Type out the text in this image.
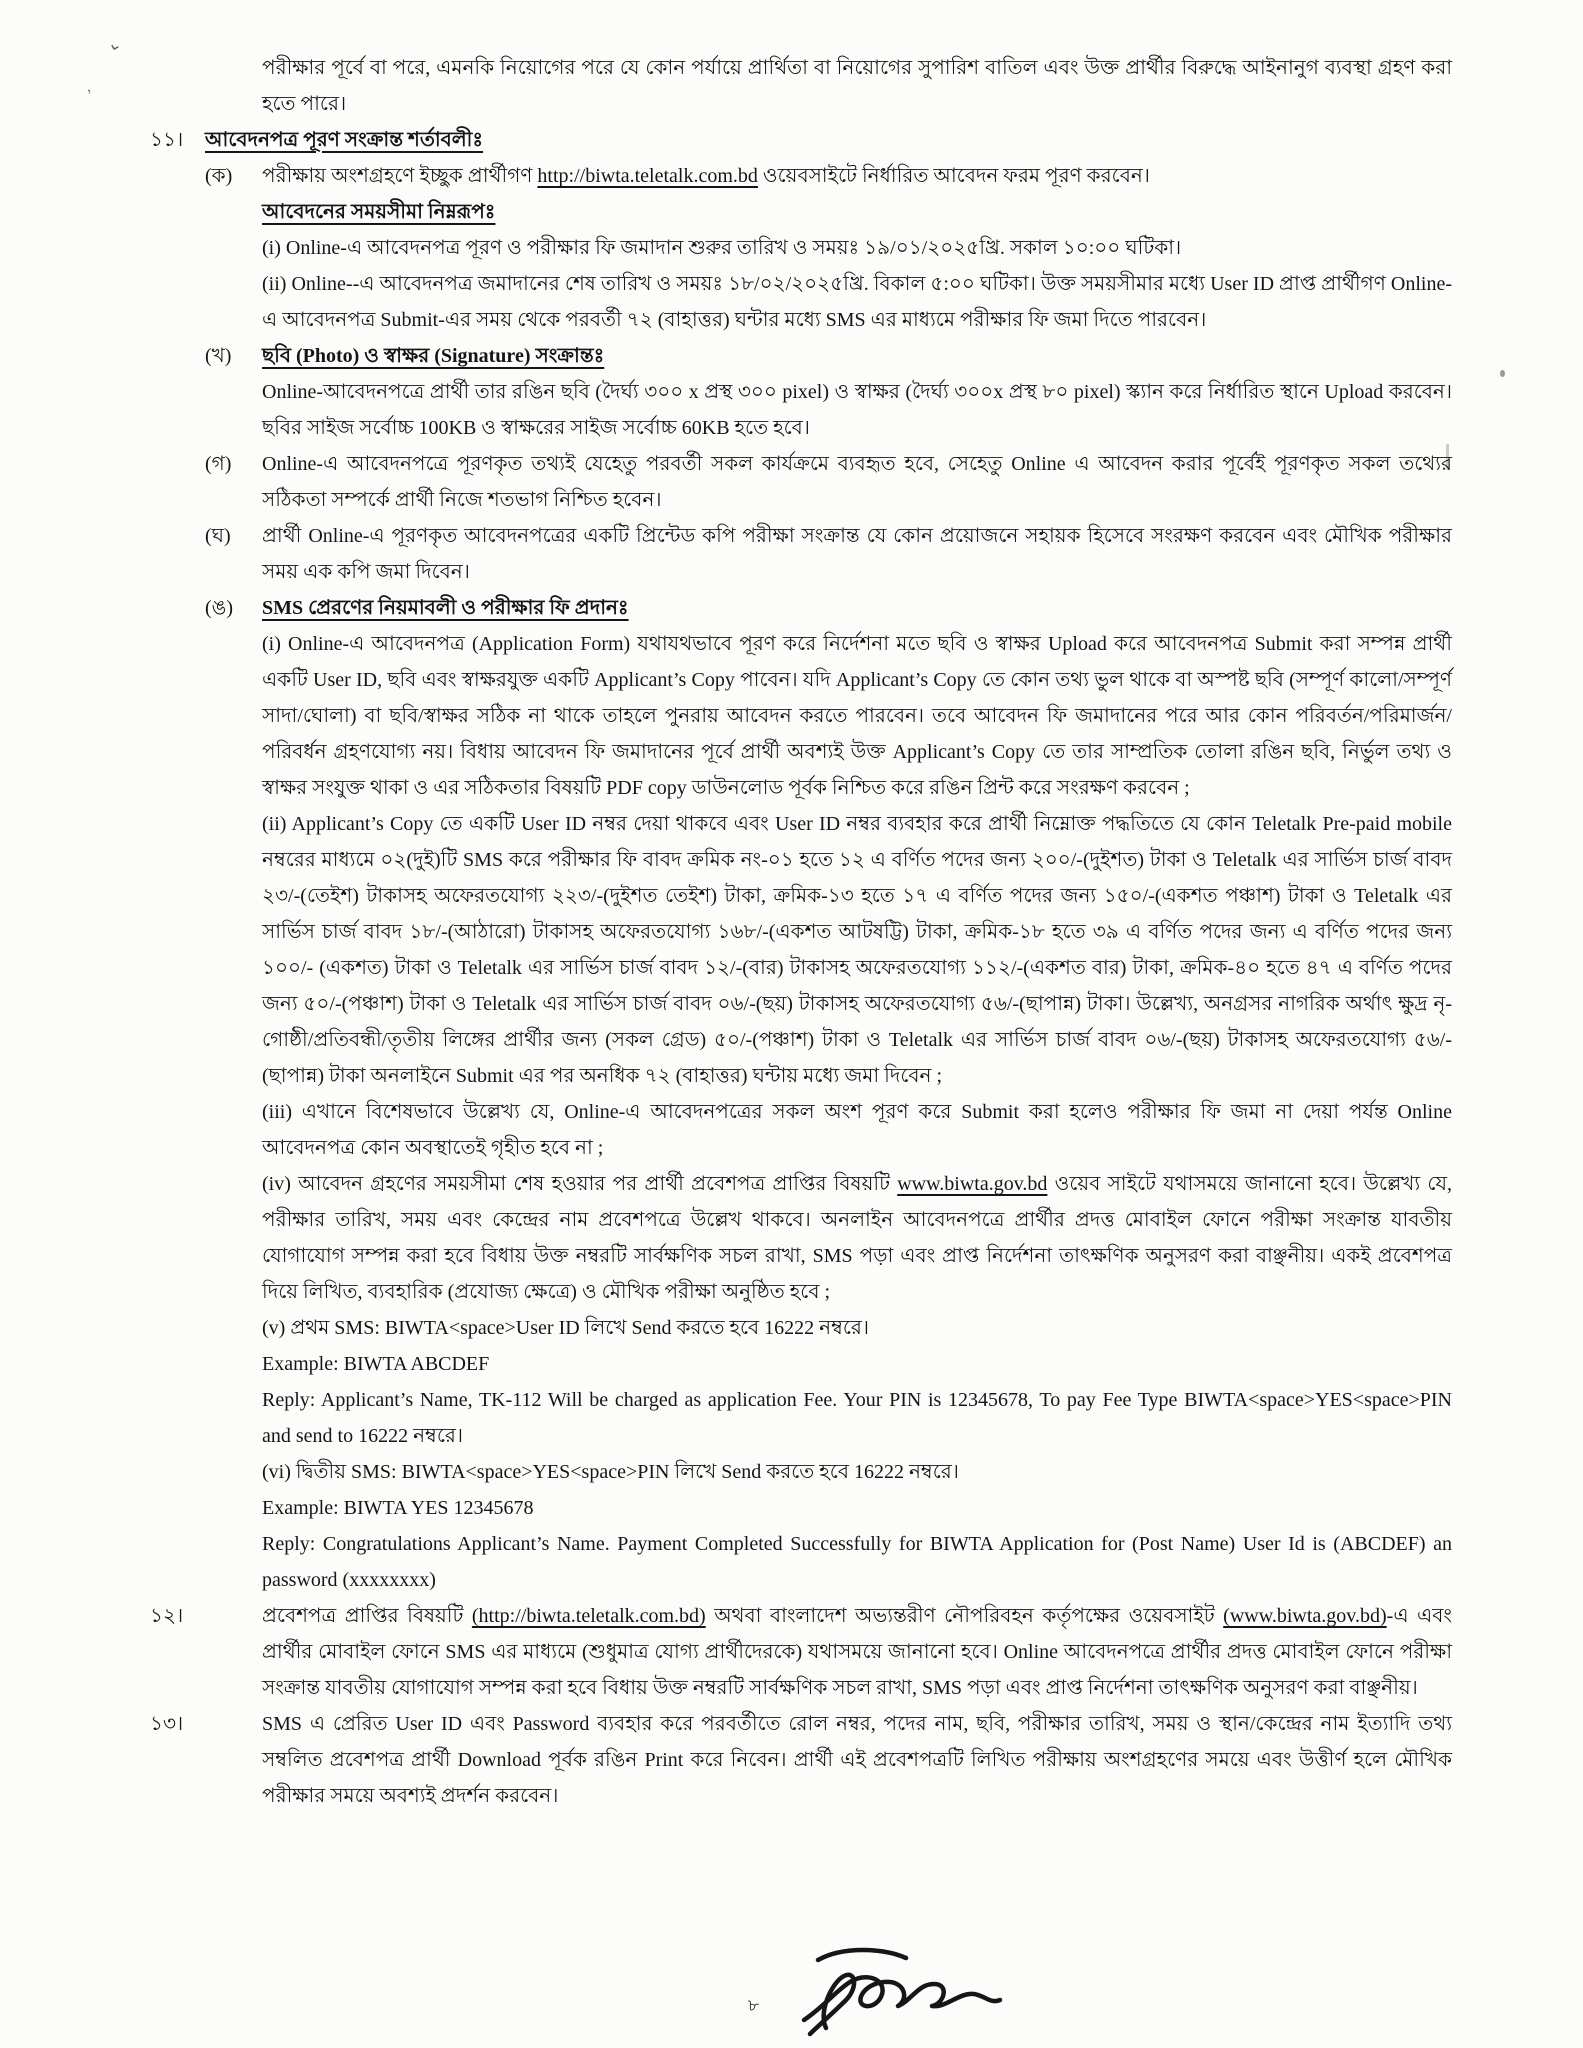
⌄
’

পরীক্ষার পূর্বে বা পরে, এমনকি নিয়োগের পরে যে কোন পর্যায়ে প্রার্থিতা বা নিয়োগের সুপারিশ বাতিল এবং উক্ত প্রার্থীর বিরুদ্ধে আইনানুগ ব্যবস্থা গ্রহণ করা হতে পারে।

১১।	আবেদনপত্র পূরণ সংক্রান্ত শর্তাবলীঃ

(ক) পরীক্ষায় অংশগ্রহণে ইচ্ছুক প্রার্থীগণ http://biwta.teletalk.com.bd ওয়েবসাইটে নির্ধারিত আবেদন ফরম পূরণ করবেন।

আবেদনের সময়সীমা নিম্নরূপঃ

(i) Online-এ আবেদনপত্র পূরণ ও পরীক্ষার ফি জমাদান শুরুর তারিখ ও সময়ঃ ১৯/০১/২০২৫খ্রি. সকাল ১০:০০ ঘটিকা।

(ii) Online--এ আবেদনপত্র জমাদানের শেষ তারিখ ও সময়ঃ ১৮/০২/২০২৫খ্রি. বিকাল ৫:০০ ঘটিকা। উক্ত সময়সীমার মধ্যে User ID প্রাপ্ত প্রার্থীগণ Online-এ আবেদনপত্র Submit-এর সময় থেকে পরবর্তী ৭২ (বাহাত্তর) ঘন্টার মধ্যে SMS এর মাধ্যমে পরীক্ষার ফি জমা দিতে পারবেন।

(খ) ছবি (Photo) ও স্বাক্ষর (Signature) সংক্রান্তঃ

Online-আবেদনপত্রে প্রার্থী তার রঙিন ছবি (দৈর্ঘ্য ৩০০ x প্রস্থ ৩০০ pixel) ও স্বাক্ষর (দৈর্ঘ্য ৩০০x প্রস্থ ৮০ pixel) স্ক্যান করে নির্ধারিত স্থানে Upload করবেন। ছবির সাইজ সর্বোচ্চ 100KB ও স্বাক্ষরের সাইজ সর্বোচ্চ 60KB হতে হবে।

(গ) Online-এ আবেদনপত্রে পূরণকৃত তথ্যই যেহেতু পরবর্তী সকল কার্যক্রমে ব্যবহৃত হবে, সেহেতু Online এ আবেদন করার পূর্বেই পূরণকৃত সকল তথ্যের সঠিকতা সম্পর্কে প্রার্থী নিজে শতভাগ নিশ্চিত হবেন।

(ঘ) প্রার্থী Online-এ পূরণকৃত আবেদনপত্রের একটি প্রিন্টেড কপি পরীক্ষা সংক্রান্ত যে কোন প্রয়োজনে সহায়ক হিসেবে সংরক্ষণ করবেন এবং মৌখিক পরীক্ষার সময় এক কপি জমা দিবেন।

(ঙ) SMS প্রেরণের নিয়মাবলী ও পরীক্ষার ফি প্রদানঃ

(i) Online-এ আবেদনপত্র (Application Form) যথাযথভাবে পূরণ করে নির্দেশনা মতে ছবি ও স্বাক্ষর Upload করে আবেদনপত্র Submit করা সম্পন্ন প্রার্থী একটি User ID, ছবি এবং স্বাক্ষরযুক্ত একটি Applicant’s Copy পাবেন। যদি Applicant’s Copy তে কোন তথ্য ভুল থাকে বা অস্পষ্ট ছবি (সম্পূর্ণ কালো/সম্পূর্ণ সাদা/ঘোলা) বা ছবি/স্বাক্ষর সঠিক না থাকে তাহলে পুনরায় আবেদন করতে পারবেন। তবে আবেদন ফি জমাদানের পরে আর কোন পরিবর্তন/পরিমার্জন/পরিবর্ধন গ্রহণযোগ্য নয়। বিধায় আবেদন ফি জমাদানের পূর্বে প্রার্থী অবশ্যই উক্ত Applicant’s Copy তে তার সাম্প্রতিক তোলা রঙিন ছবি, নির্ভুল তথ্য ও স্বাক্ষর সংযুক্ত থাকা ও এর সঠিকতার বিষয়টি PDF copy ডাউনলোড পূর্বক নিশ্চিত করে রঙিন প্রিন্ট করে সংরক্ষণ করবেন ;

(ii) Applicant’s Copy তে একটি User ID নম্বর দেয়া থাকবে এবং User ID নম্বর ব্যবহার করে প্রার্থী নিম্নোক্ত পদ্ধতিতে যে কোন Teletalk Pre-paid mobile নম্বরের মাধ্যমে ০২(দুই)টি SMS করে পরীক্ষার ফি বাবদ ক্রমিক নং-০১ হতে ১২ এ বর্ণিত পদের জন্য ২০০/-(দুইশত) টাকা ও Teletalk এর সার্ভিস চার্জ বাবদ ২৩/-(তেইশ) টাকাসহ অফেরতযোগ্য ২২৩/-(দুইশত তেইশ) টাকা, ক্রমিক-১৩ হতে ১৭ এ বর্ণিত পদের জন্য ১৫০/-(একশত পঞ্চাশ) টাকা ও Teletalk এর সার্ভিস চার্জ বাবদ ১৮/-(আঠারো) টাকাসহ অফেরতযোগ্য ১৬৮/-(একশত আটষট্টি) টাকা, ক্রমিক-১৮ হতে ৩৯ এ বর্ণিত পদের জন্য এ বর্ণিত পদের জন্য ১০০/- (একশত) টাকা ও Teletalk এর সার্ভিস চার্জ বাবদ ১২/-(বার) টাকাসহ অফেরতযোগ্য ১১২/-(একশত বার) টাকা, ক্রমিক-৪০ হতে ৪৭ এ বর্ণিত পদের জন্য ৫০/-(পঞ্চাশ) টাকা ও Teletalk এর সার্ভিস চার্জ বাবদ ০৬/-(ছয়) টাকাসহ অফেরতযোগ্য ৫৬/-(ছাপান্ন) টাকা। উল্লেখ্য, অনগ্রসর নাগরিক অর্থাৎ ক্ষুদ্র নৃ-গোষ্ঠী/প্রতিবন্ধী/তৃতীয় লিঙ্গের প্রার্থীর জন্য (সকল গ্রেড) ৫০/-(পঞ্চাশ) টাকা ও Teletalk এর সার্ভিস চার্জ বাবদ ০৬/-(ছয়) টাকাসহ অফেরতযোগ্য ৫৬/-(ছাপান্ন) টাকা অনলাইনে Submit এর পর অনধিক ৭২ (বাহাত্তর) ঘন্টায় মধ্যে জমা দিবেন ;

(iii) এখানে বিশেষভাবে উল্লেখ্য যে, Online-এ আবেদনপত্রের সকল অংশ পূরণ করে Submit করা হলেও পরীক্ষার ফি জমা না দেয়া পর্যন্ত Online আবেদনপত্র কোন অবস্থাতেই গৃহীত হবে না ;

(iv) আবেদন গ্রহণের সময়সীমা শেষ হওয়ার পর প্রার্থী প্রবেশপত্র প্রাপ্তির বিষয়টি www.biwta.gov.bd ওয়েব সাইটে যথাসময়ে জানানো হবে। উল্লেখ্য যে, পরীক্ষার তারিখ, সময় এবং কেন্দ্রের নাম প্রবেশপত্রে উল্লেখ থাকবে। অনলাইন আবেদনপত্রে প্রার্থীর প্রদত্ত মোবাইল ফোনে পরীক্ষা সংক্রান্ত যাবতীয় যোগাযোগ সম্পন্ন করা হবে বিধায় উক্ত নম্বরটি সার্বক্ষণিক সচল রাখা, SMS পড়া এবং প্রাপ্ত নির্দেশনা তাৎক্ষণিক অনুসরণ করা বাঞ্ছনীয়। একই প্রবেশপত্র দিয়ে লিখিত, ব্যবহারিক (প্রযোজ্য ক্ষেত্রে) ও মৌখিক পরীক্ষা অনুষ্ঠিত হবে ;

(v) প্রথম SMS: BIWTA<space>User ID লিখে Send করতে হবে 16222 নম্বরে।

Example: BIWTA ABCDEF

Reply: Applicant’s Name, TK-112 Will be charged as application Fee. Your PIN is 12345678, To pay Fee Type BIWTA<space>YES<space>PIN and send to 16222 নম্বরে।

(vi) দ্বিতীয় SMS: BIWTA<space>YES<space>PIN লিখে Send করতে হবে 16222 নম্বরে।

Example: BIWTA YES 12345678

Reply: Congratulations Applicant’s Name. Payment Completed Successfully for BIWTA Application for (Post Name) User Id is (ABCDEF) an password (xxxxxxxx)

১২।	প্রবেশপত্র প্রাপ্তির বিষয়টি (http://biwta.teletalk.com.bd) অথবা বাংলাদেশ অভ্যন্তরীণ নৌপরিবহন কর্তৃপক্ষের ওয়েবসাইট (www.biwta.gov.bd)-এ এবং প্রার্থীর মোবাইল ফোনে SMS এর মাধ্যমে (শুধুমাত্র যোগ্য প্রার্থীদেরকে) যথাসময়ে জানানো হবে। Online আবেদনপত্রে প্রার্থীর প্রদত্ত মোবাইল ফোনে পরীক্ষা সংক্রান্ত যাবতীয় যোগাযোগ সম্পন্ন করা হবে বিধায় উক্ত নম্বরটি সার্বক্ষণিক সচল রাখা, SMS পড়া এবং প্রাপ্ত নির্দেশনা তাৎক্ষণিক অনুসরণ করা বাঞ্ছনীয়।

১৩।	SMS এ প্রেরিত User ID এবং Password ব্যবহার করে পরবর্তীতে রোল নম্বর, পদের নাম, ছবি, পরীক্ষার তারিখ, সময় ও স্থান/কেন্দ্রের নাম ইত্যাদি তথ্য সম্বলিত প্রবেশপত্র প্রার্থী Download পূর্বক রঙিন Print করে নিবেন। প্রার্থী এই প্রবেশপত্রটি লিখিত পরীক্ষায় অংশগ্রহণের সময়ে এবং উত্তীর্ণ হলে মৌখিক পরীক্ষার সময়ে অবশ্যই প্রদর্শন করবেন।

৮
